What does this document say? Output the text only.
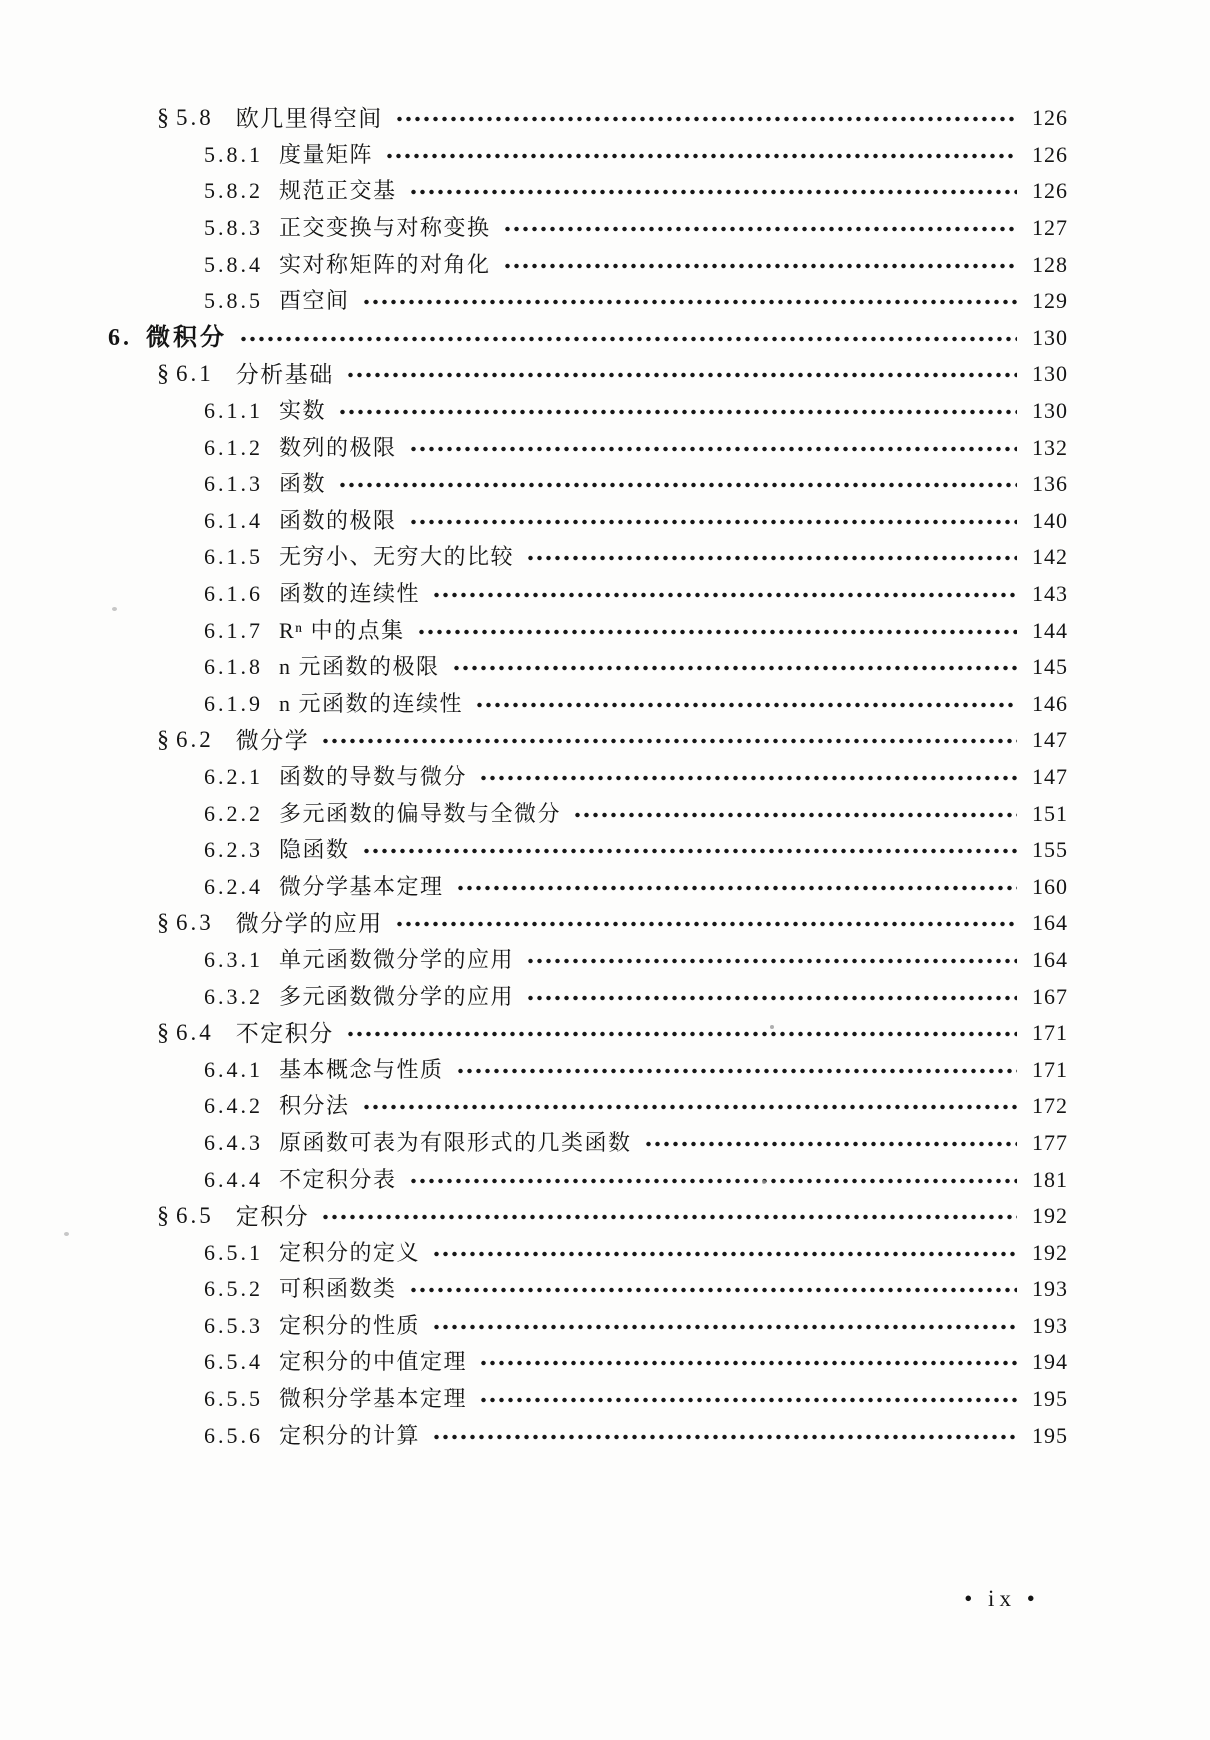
§ 5.8 欧几里得空间	126
5.8.1 度量矩阵	126
5.8.2 规范正交基	126
5.8.3 正交变换与对称变换	127
5.8.4 实对称矩阵的对角化	128
5.8.5 酉空间	129
6. 微积分	130
§ 6.1 分析基础	130
6.1.1 实数	130
6.1.2 数列的极限	132
6.1.3 函数	136
6.1.4 函数的极限	140
6.1.5 无穷小、无穷大的比较	142
6.1.6 函数的连续性	143
6.1.7 Rⁿ 中的点集	144
6.1.8 n 元函数的极限	145
6.1.9 n 元函数的连续性	146
§ 6.2 微分学	147
6.2.1 函数的导数与微分	147
6.2.2 多元函数的偏导数与全微分	151
6.2.3 隐函数	155
6.2.4 微分学基本定理	160
§ 6.3 微分学的应用	164
6.3.1 单元函数微分学的应用	164
6.3.2 多元函数微分学的应用	167
§ 6.4 不定积分	171
6.4.1 基本概念与性质	171
6.4.2 积分法	172
6.4.3 原函数可表为有限形式的几类函数	177
6.4.4 不定积分表	181
§ 6.5 定积分	192
6.5.1 定积分的定义	192
6.5.2 可积函数类	193
6.5.3 定积分的性质	193
6.5.4 定积分的中值定理	194
6.5.5 微积分学基本定理	195
6.5.6 定积分的计算	195
• ix •
